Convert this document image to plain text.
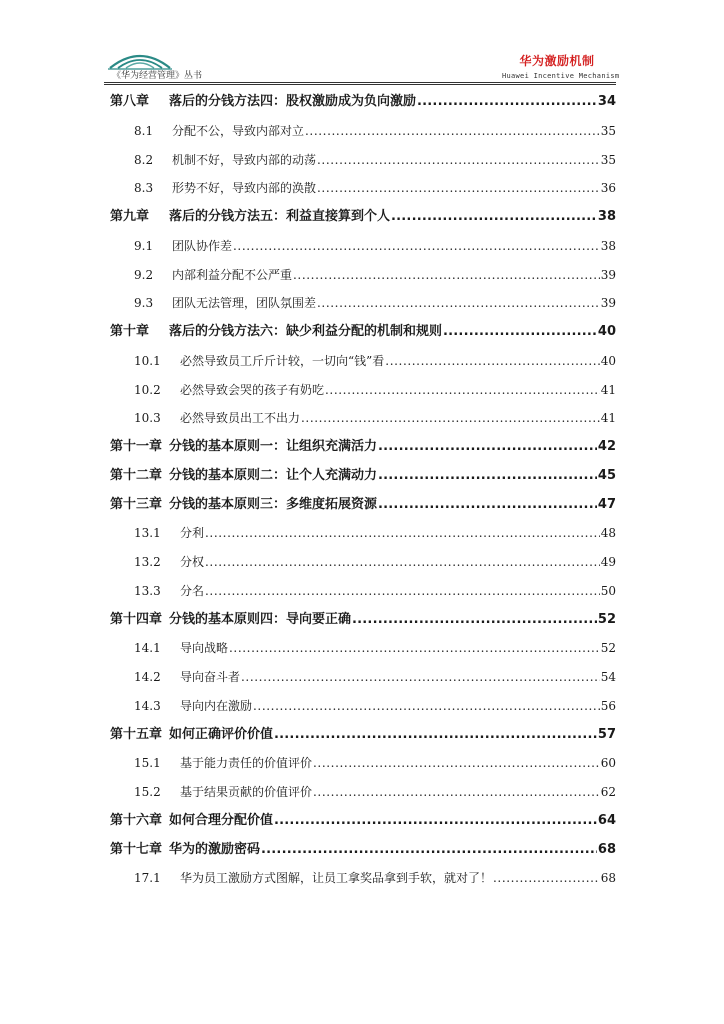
《华为经营管理》丛书
华为激励机制
Huawei Incentive Mechanism
第八章	落后的分钱方法四：股权激励成为负向激励 .....	34
8.1	分配不公，导致内部对立 .....	35
8.2	机制不好，导致内部的动荡 .....	35
8.3	形势不好，导致内部的涣散 .....	36
第九章	落后的分钱方法五：利益直接算到个人 .....	38
9.1	团队协作差 .....	38
9.2	内部利益分配不公严重 .....	39
9.3	团队无法管理，团队氛围差 .....	39
第十章	落后的分钱方法六：缺少利益分配的机制和规则 .....	40
10.1	必然导致员工斤斤计较，一切向“钱”看 .....	40
10.2	必然导致会哭的孩子有奶吃 .....	41
10.3	必然导致员出工不出力 .....	41
第十一章 分钱的基本原则一：让组织充满活力 .....	42
第十二章 分钱的基本原则二：让个人充满动力 .....	45
第十三章 分钱的基本原则三：多维度拓展资源 .....	47
13.1	分利 .....	48
13.2	分权 .....	49
13.3	分名 .....	50
第十四章 分钱的基本原则四：导向要正确 .....	52
14.1	导向战略 .....	52
14.2	导向奋斗者 .....	54
14.3	导向内在激励 .....	56
第十五章 如何正确评价价值 .....	57
15.1	基于能力责任的价值评价 .....	60
15.2	基于结果贡献的价值评价 .....	62
第十六章 如何合理分配价值 .....	64
第十七章 华为的激励密码 .....	68
17.1	华为员工激励方式图解，让员工拿奖品拿到手软，就对了！ .....	68
